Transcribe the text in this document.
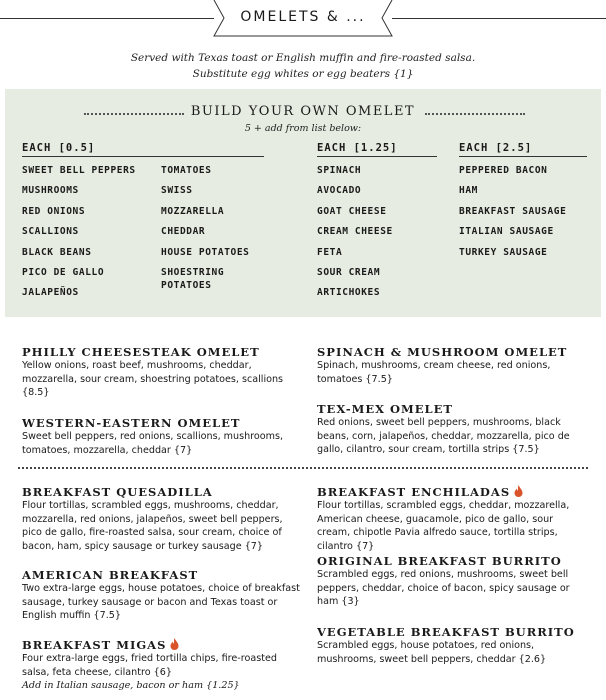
OMELETS & ...
Served with Texas toast or English muffin and fire-roasted salsa.
Substitute egg whites or egg beaters {1}
BUILD YOUR OWN OMELET
5 + add from list below:
EACH [0.5]	EACH [1.25]	EACH [2.5]
SWEET BELL PEPPERS
MUSHROOMS
RED ONIONS
SCALLIONS
BLACK BEANS
PICO DE GALLO
JALAPEÑOS
TOMATOES
SWISS
MOZZARELLA
CHEDDAR
HOUSE POTATOES
SHOESTRING
POTATOES
SPINACH
AVOCADO
GOAT CHEESE
CREAM CHEESE
FETA
SOUR CREAM
ARTICHOKES
PEPPERED BACON
HAM
BREAKFAST SAUSAGE
ITALIAN SAUSAGE
TURKEY SAUSAGE
PHILLY CHEESESTEAK OMELET

Yellow onions, roast beef, mushrooms, cheddar, mozzarella, sour cream, shoestring potatoes, scallions {8.5}

SPINACH & MUSHROOM OMELET

Spinach, mushrooms, cream cheese, red onions, tomatoes {7.5}

WESTERN-EASTERN OMELET

Sweet bell peppers, red onions, scallions, mushrooms, tomatoes, mozzarella, cheddar {7}

TEX-MEX OMELET

Red onions, sweet bell peppers, mushrooms, black beans, corn, jalapeños, cheddar, mozzarella, pico de gallo, cilantro, sour cream, tortilla strips {7.5}

BREAKFAST QUESADILLA

Flour tortillas, scrambled eggs, mushrooms, cheddar, mozzarella, red onions, jalapeños, sweet bell peppers, pico de gallo, fire-roasted salsa, sour cream, choice of bacon, ham, spicy sausage or turkey sausage {7}

BREAKFAST ENCHILADAS

Flour tortillas, scrambled eggs, cheddar, mozzarella, American cheese, guacamole, pico de gallo, sour cream, chipotle Pavia alfredo sauce, tortilla strips, cilantro {7}

AMERICAN BREAKFAST

Two extra-large eggs, house potatoes, choice of breakfast sausage, turkey sausage or bacon and Texas toast or English muffin {7.5}

ORIGINAL BREAKFAST BURRITO

Scrambled eggs, red onions, mushrooms, sweet bell peppers, cheddar, choice of bacon, spicy sausage or ham {3}

BREAKFAST MIGAS

Four extra-large eggs, fried tortilla chips, fire-roasted salsa, feta cheese, cilantro {6}

Add in Italian sausage, bacon or ham {1.25}

VEGETABLE BREAKFAST BURRITO

Scrambled eggs, house potatoes, red onions, mushrooms, sweet bell peppers, cheddar {2.6}
